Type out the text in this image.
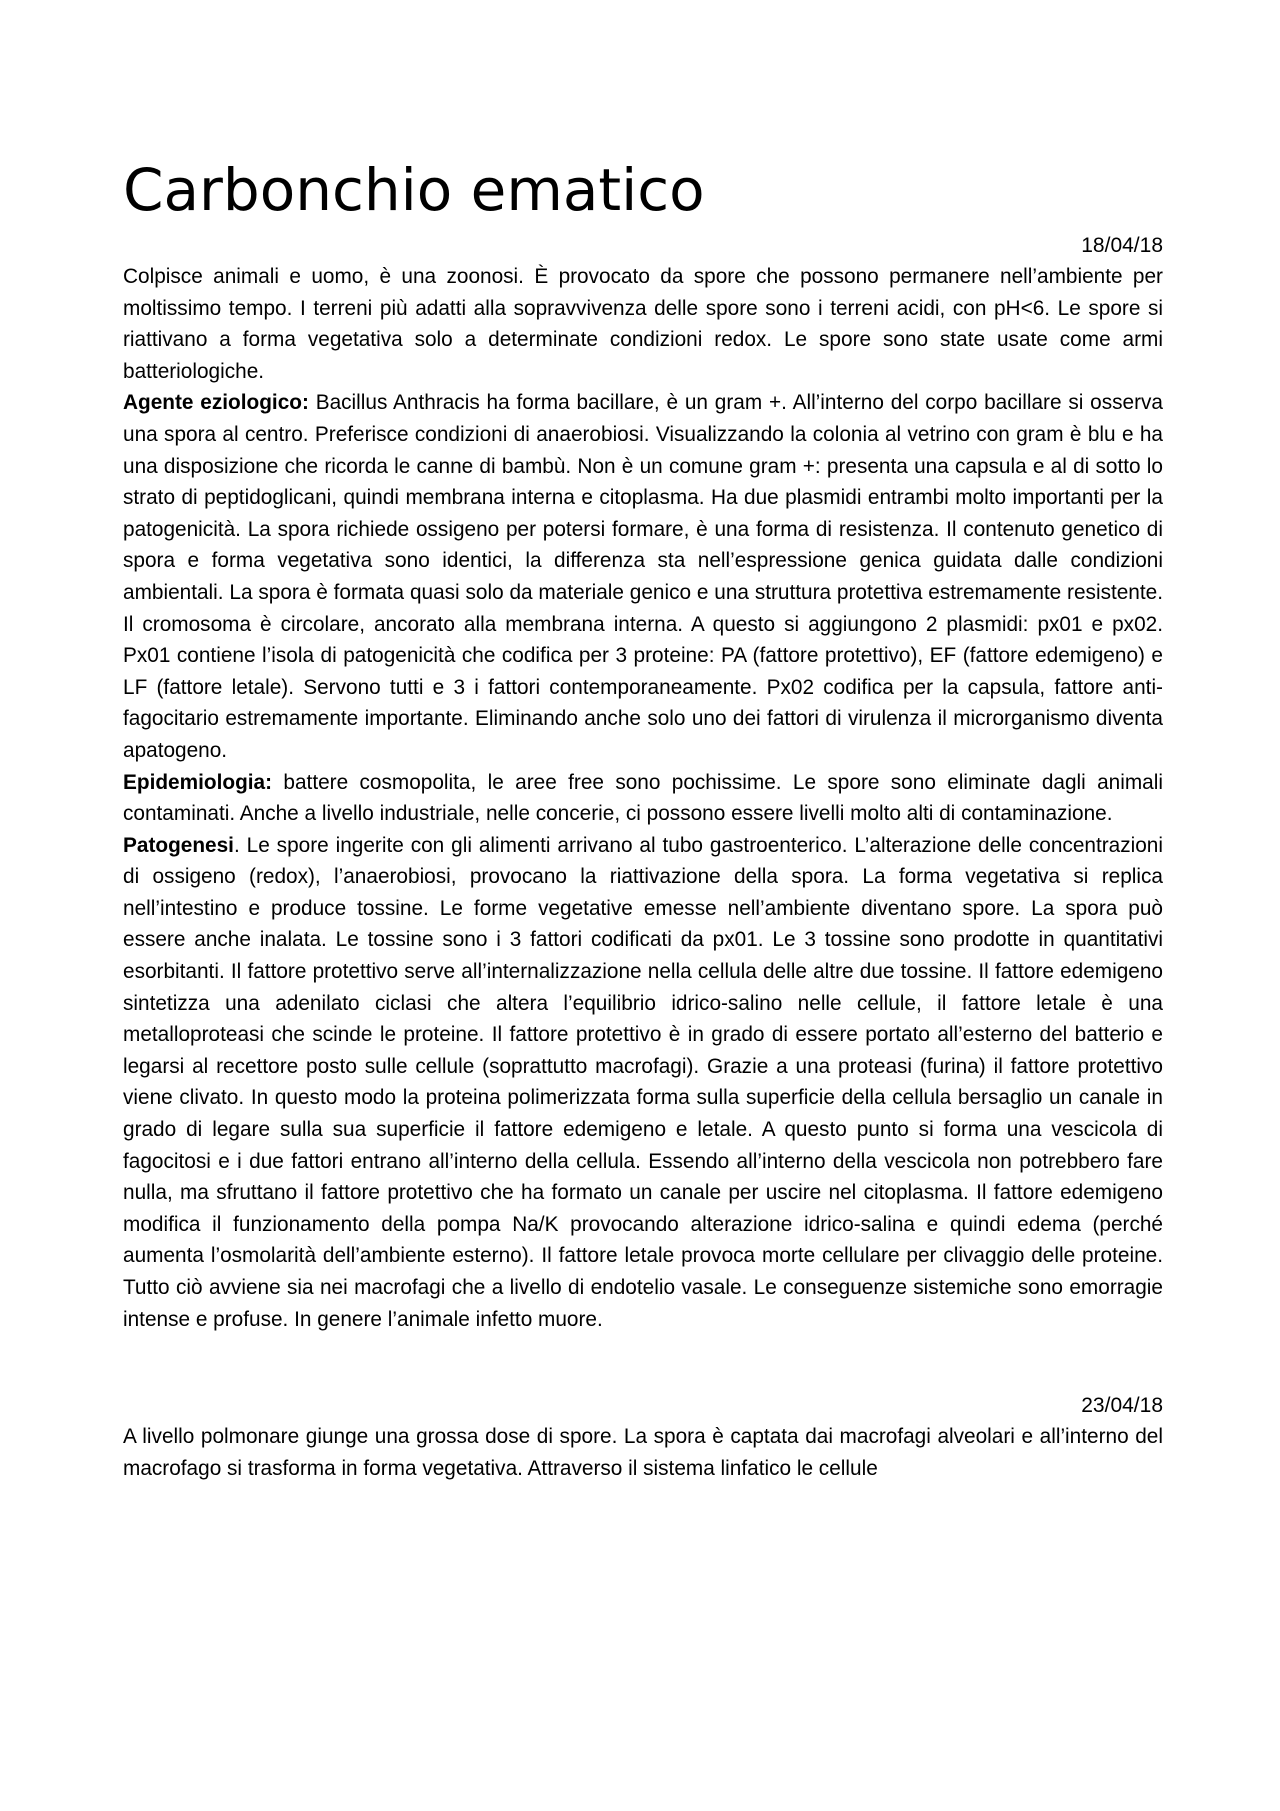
Carbonchio ematico

18/04/18

Colpisce animali e uomo, è una zoonosi. È provocato da spore che possono permanere nell’ambiente per moltissimo tempo. I terreni più adatti alla sopravvivenza delle spore sono i terreni acidi, con pH<6. Le spore si riattivano a forma vegetativa solo a determinate condizioni redox. Le spore sono state usate come armi batteriologiche.

Agente eziologico: Bacillus Anthracis ha forma bacillare, è un gram +. All’interno del corpo bacillare si osserva una spora al centro. Preferisce condizioni di anaerobiosi. Visualizzando la colonia al vetrino con gram è blu e ha una disposizione che ricorda le canne di bambù. Non è un comune gram +: presenta una capsula e al di sotto lo strato di peptidoglicani, quindi membrana interna e citoplasma. Ha due plasmidi entrambi molto importanti per la patogenicità. La spora richiede ossigeno per potersi formare, è una forma di resistenza. Il contenuto genetico di spora e forma vegetativa sono identici, la differenza sta nell’espressione genica guidata dalle condizioni ambientali. La spora è formata quasi solo da materiale genico e una struttura protettiva estremamente resistente. Il cromosoma è circolare, ancorato alla membrana interna. A questo si aggiungono 2 plasmidi: px01 e px02. Px01 contiene l’isola di patogenicità che codifica per 3 proteine: PA (fattore protettivo), EF (fattore edemigeno) e LF (fattore letale). Servono tutti e 3 i fattori contemporaneamente. Px02 codifica per la capsula, fattore anti-fagocitario estremamente importante. Eliminando anche solo uno dei fattori di virulenza il microrganismo diventa apatogeno.

Epidemiologia: battere cosmopolita, le aree free sono pochissime. Le spore sono eliminate dagli animali contaminati. Anche a livello industriale, nelle concerie, ci possono essere livelli molto alti di contaminazione.

Patogenesi. Le spore ingerite con gli alimenti arrivano al tubo gastroenterico. L’alterazione delle concentrazioni di ossigeno (redox), l’anaerobiosi, provocano la riattivazione della spora. La forma vegetativa si replica nell’intestino e produce tossine. Le forme vegetative emesse nell’ambiente diventano spore. La spora può essere anche inalata. Le tossine sono i 3 fattori codificati da px01. Le 3 tossine sono prodotte in quantitativi esorbitanti. Il fattore protettivo serve all’internalizzazione nella cellula delle altre due tossine. Il fattore edemigeno sintetizza una adenilato ciclasi che altera l’equilibrio idrico-salino nelle cellule, il fattore letale è una metalloproteasi che scinde le proteine. Il fattore protettivo è in grado di essere portato all’esterno del batterio e legarsi al recettore posto sulle cellule (soprattutto macrofagi). Grazie a una proteasi (furina) il fattore protettivo viene clivato. In questo modo la proteina polimerizzata forma sulla superficie della cellula bersaglio un canale in grado di legare sulla sua superficie il fattore edemigeno e letale. A questo punto si forma una vescicola di fagocitosi e i due fattori entrano all’interno della cellula. Essendo all’interno della vescicola non potrebbero fare nulla, ma sfruttano il fattore protettivo che ha formato un canale per uscire nel citoplasma. Il fattore edemigeno modifica il funzionamento della pompa Na/K provocando alterazione idrico-salina e quindi edema (perché aumenta l’osmolarità dell’ambiente esterno). Il fattore letale provoca morte cellulare per clivaggio delle proteine. Tutto ciò avviene sia nei macrofagi che a livello di endotelio vasale. Le conseguenze sistemiche sono emorragie intense e profuse. In genere l’animale infetto muore.

23/04/18

A livello polmonare giunge una grossa dose di spore. La spora è captata dai macrofagi alveolari e all’interno del macrofago si trasforma in forma vegetativa. Attraverso il sistema linfatico le cellule
